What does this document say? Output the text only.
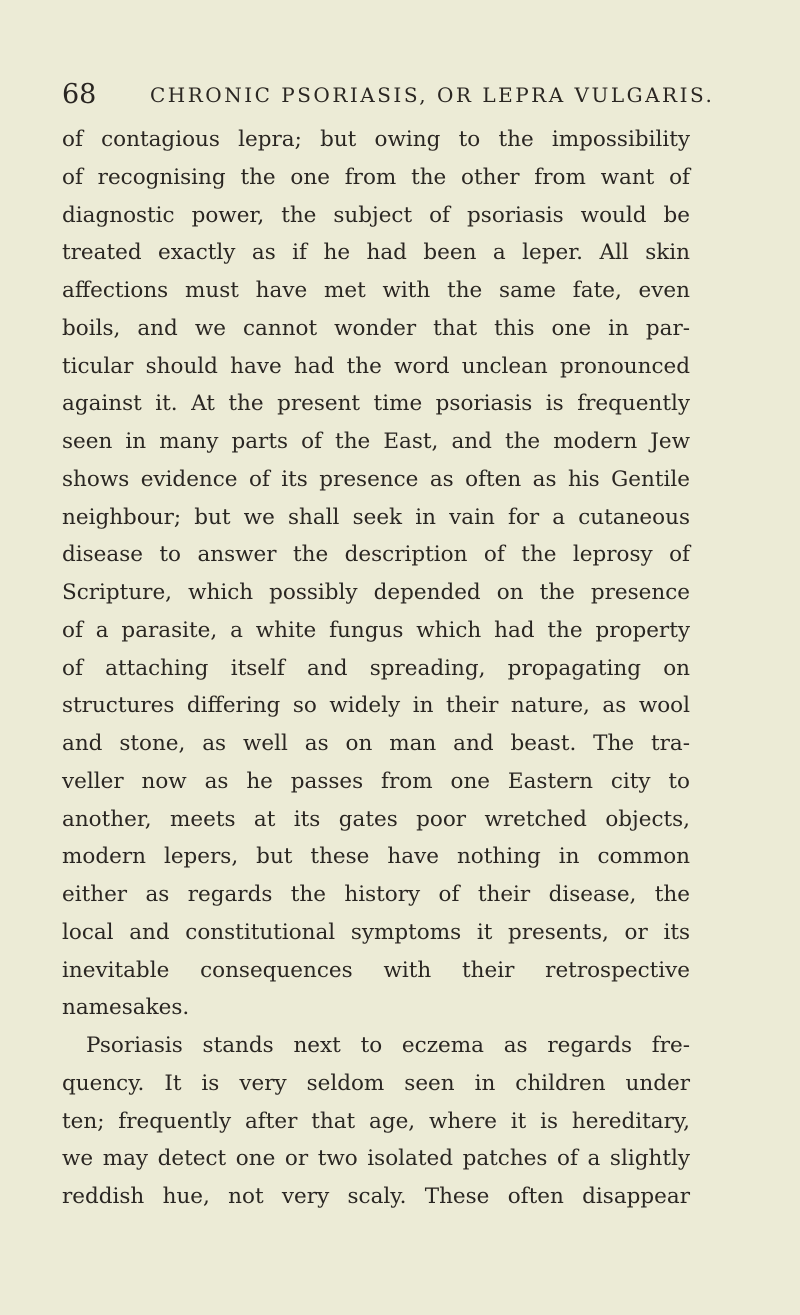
68	CHRONIC PSORIASIS, OR LEPRA VULGARIS.
of contagious lepra; but owing to the impossibility
of recognising the one from the other from want of
diagnostic power, the subject of psoriasis would be
treated exactly as if he had been a leper. All skin
affections must have met with the same fate, even
boils, and we cannot wonder that this one in par-
ticular should have had the word unclean pronounced
against it. At the present time psoriasis is frequently
seen in many parts of the East, and the modern Jew
shows evidence of its presence as often as his Gentile
neighbour; but we shall seek in vain for a cutaneous
disease to answer the description of the leprosy of
Scripture, which possibly depended on the presence
of a parasite, a white fungus which had the property
of attaching itself and spreading, propagating on
structures differing so widely in their nature, as wool
and stone, as well as on man and beast. The tra-
veller now as he passes from one Eastern city to
another, meets at its gates poor wretched objects,
modern lepers, but these have nothing in common
either as regards the history of their disease, the
local and constitutional symptoms it presents, or its
inevitable consequences with their retrospective
namesakes.
Psoriasis stands next to eczema as regards fre-
quency. It is very seldom seen in children under
ten; frequently after that age, where it is hereditary,
we may detect one or two isolated patches of a slightly
reddish hue, not very scaly. These often disappear
